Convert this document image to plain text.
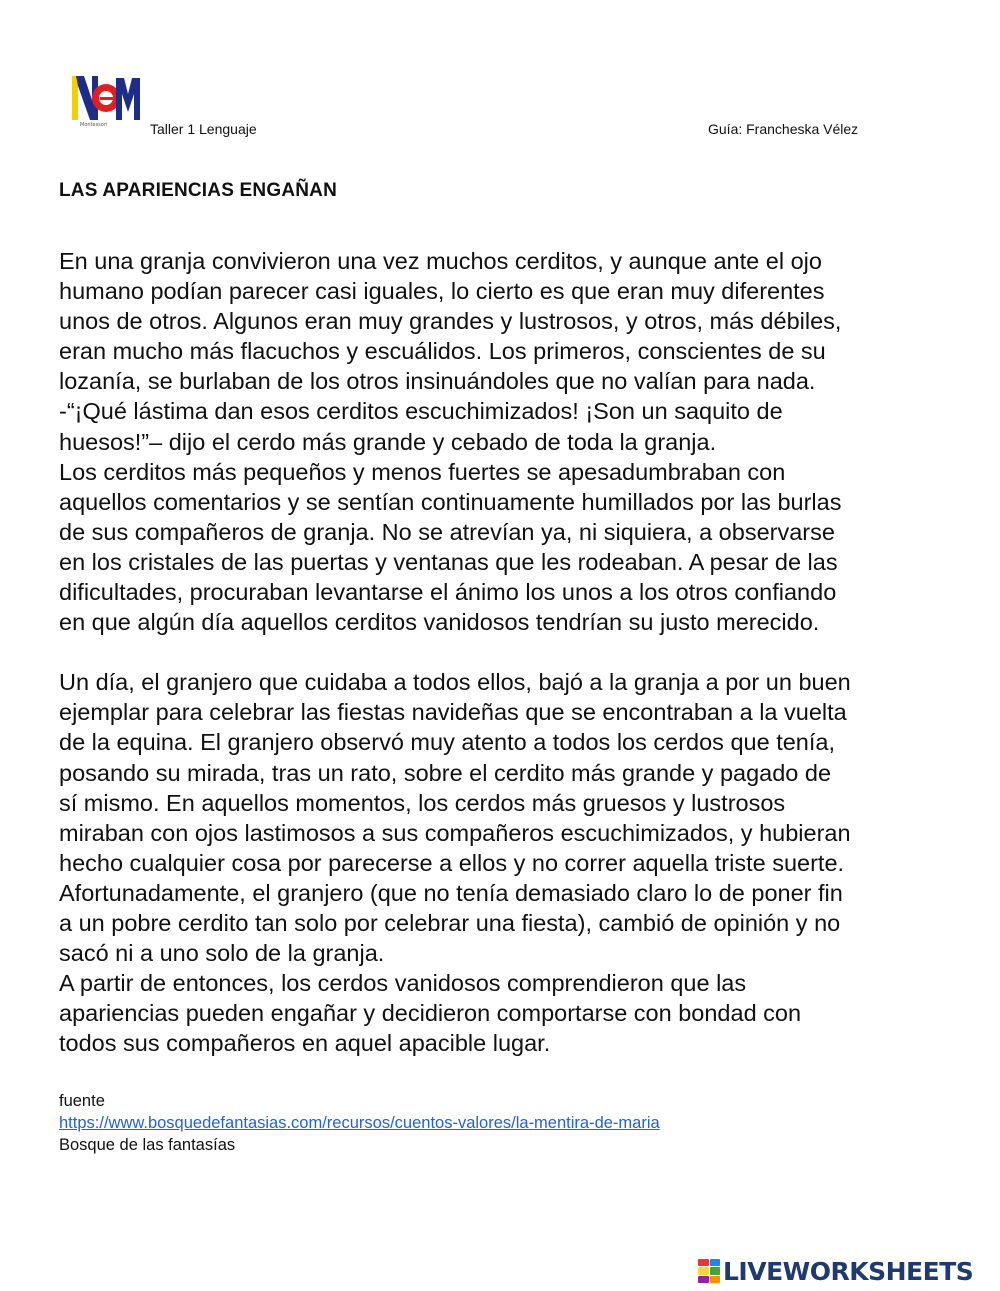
Montessori	Taller 1 Lenguaje	Guía: Francheska Vélez
LAS APARIENCIAS ENGAÑAN

En una granja convivieron una vez muchos cerditos, y aunque ante el ojo

humano podían parecer casi iguales, lo cierto es que eran muy diferentes

unos de otros. Algunos eran muy grandes y lustrosos, y otros, más débiles,

eran mucho más flacuchos y escuálidos. Los primeros, conscientes de su

lozanía, se burlaban de los otros insinuándoles que no valían para nada.

-“¡Qué lástima dan esos cerditos escuchimizados! ¡Son un saquito de

huesos!”– dijo el cerdo más grande y cebado de toda la granja.

Los cerditos más pequeños y menos fuertes se apesadumbraban con

aquellos comentarios y se sentían continuamente humillados por las burlas

de sus compañeros de granja. No se atrevían ya, ni siquiera, a observarse

en los cristales de las puertas y ventanas que les rodeaban. A pesar de las

dificultades, procuraban levantarse el ánimo los unos a los otros confiando

en que algún día aquellos cerditos vanidosos tendrían su justo merecido.

Un día, el granjero que cuidaba a todos ellos, bajó a la granja a por un buen

ejemplar para celebrar las fiestas navideñas que se encontraban a la vuelta

de la equina. El granjero observó muy atento a todos los cerdos que tenía,

posando su mirada, tras un rato, sobre el cerdito más grande y pagado de

sí mismo. En aquellos momentos, los cerdos más gruesos y lustrosos

miraban con ojos lastimosos a sus compañeros escuchimizados, y hubieran

hecho cualquier cosa por parecerse a ellos y no correr aquella triste suerte.

Afortunadamente, el granjero (que no tenía demasiado claro lo de poner fin

a un pobre cerdito tan solo por celebrar una fiesta), cambió de opinión y no

sacó ni a uno solo de la granja.

A partir de entonces, los cerdos vanidosos comprendieron que las

apariencias pueden engañar y decidieron comportarse con bondad con

todos sus compañeros en aquel apacible lugar.

fuente
https://www.bosquedefantasias.com/recursos/cuentos-valores/la-mentira-de-maria
Bosque de las fantasías
LIVEWORKSHEETS
